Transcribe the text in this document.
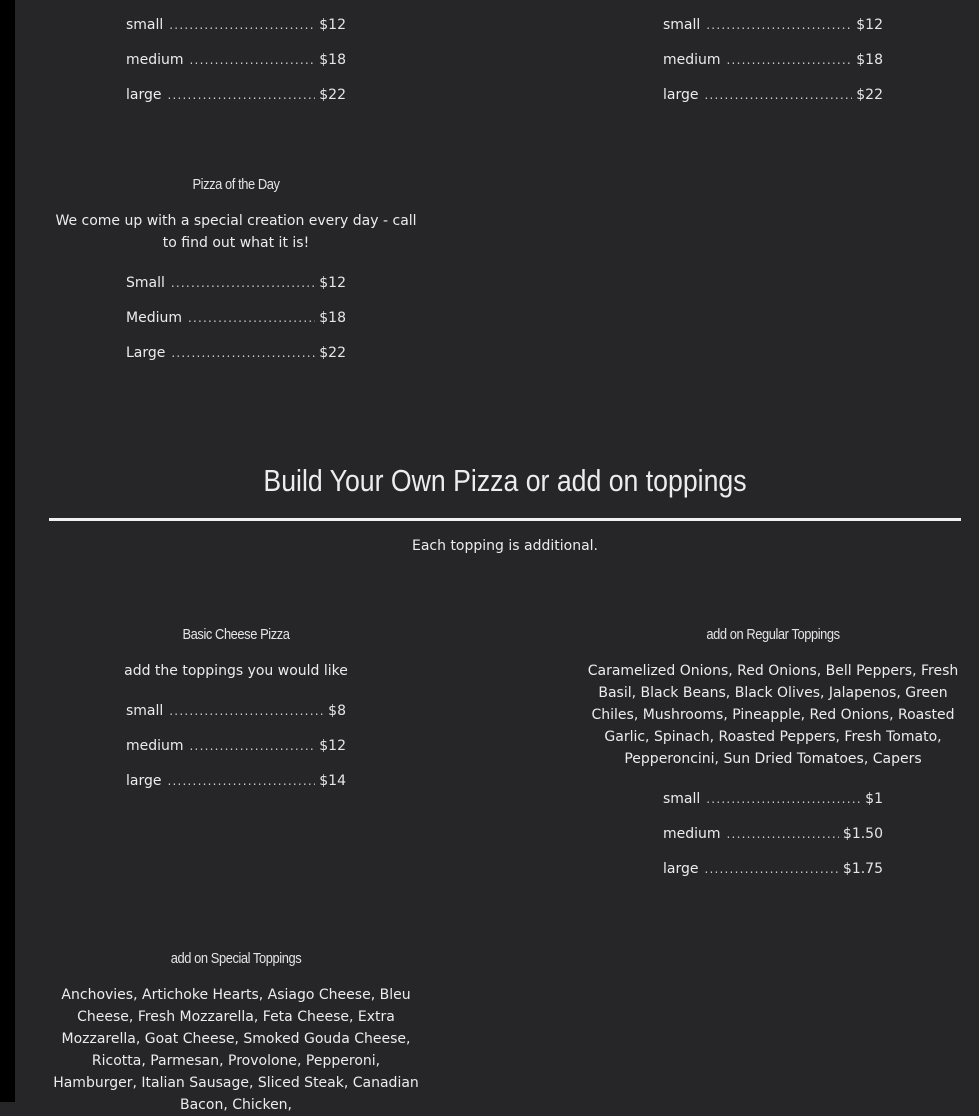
small .....	$12
medium .....	$18
large .....	$22
small .....	$12
medium .....	$18
large .....	$22
Pizza of the Day
We come up with a special creation every day - call to find out what it is!
Small .....	$12
Medium .....	$18
Large .....	$22
Build Your Own Pizza or add on toppings
Each topping is additional.
Basic Cheese Pizza
add the toppings you would like
small .....	$8
medium .....	$12
large .....	$14
add on Regular Toppings
Caramelized Onions, Red Onions, Bell Peppers, Fresh Basil, Black Beans, Black Olives, Jalapenos, Green Chiles, Mushrooms, Pineapple, Red Onions, Roasted Garlic, Spinach, Roasted Peppers, Fresh Tomato, Pepperoncini, Sun Dried Tomatoes, Capers
small .....	$1
medium .....	$1.50
large .....	$1.75
add on Special Toppings
Anchovies, Artichoke Hearts, Asiago Cheese, Bleu Cheese, Fresh Mozzarella, Feta Cheese, Extra Mozzarella, Goat Cheese, Smoked Gouda Cheese, Ricotta, Parmesan, Provolone, Pepperoni, Hamburger, Italian Sausage, Sliced Steak, Canadian Bacon, Chicken,
